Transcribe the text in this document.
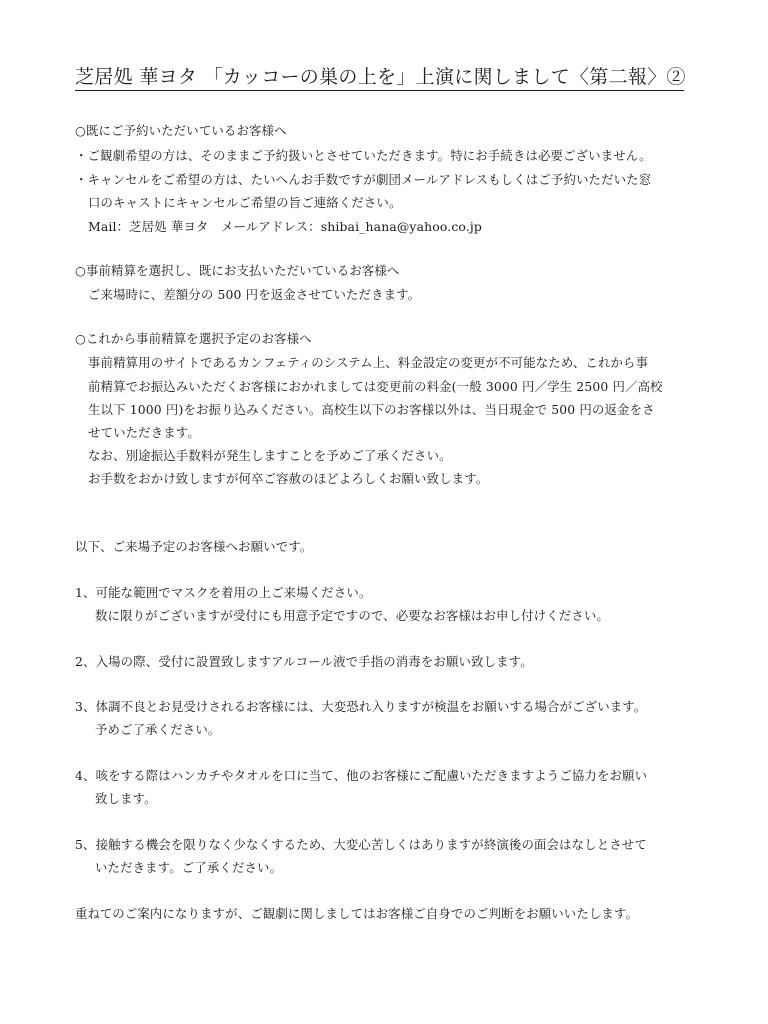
芝居処 華ヨタ 「カッコーの巣の上を」上演に関しまして〈第二報〉②
○既にご予約いただいているお客様へ
・ご観劇希望の方は、そのままご予約扱いとさせていただきます。特にお手続きは必要ございません。
・キャンセルをご希望の方は、たいへんお手数ですが劇団メールアドレスもしくはご予約いただいた窓
口のキャストにキャンセルご希望の旨ご連絡ください。
Mail：芝居処 華ヨタ　メールアドレス：shibai_hana@yahoo.co.jp
○事前精算を選択し、既にお支払いただいているお客様へ
ご来場時に、差額分の 500 円を返金させていただきます。
○これから事前精算を選択予定のお客様へ
事前精算用のサイトであるカンフェティのシステム上、料金設定の変更が不可能なため、これから事
前精算でお振込みいただくお客様におかれましては変更前の料金(一般 3000 円／学生 2500 円／高校
生以下 1000 円)をお振り込みください。高校生以下のお客様以外は、当日現金で 500 円の返金をさ
せていただきます。
なお、別途振込手数料が発生しますことを予めご了承ください。
お手数をおかけ致しますが何卒ご容赦のほどよろしくお願い致します。
以下、ご来場予定のお客様へお願いです。
1、可能な範囲でマスクを着用の上ご来場ください。
数に限りがございますが受付にも用意予定ですので、必要なお客様はお申し付けください。
2、入場の際、受付に設置致しますアルコール液で手指の消毒をお願い致します。
3、体調不良とお見受けされるお客様には、大変恐れ入りますが検温をお願いする場合がございます。
予めご了承ください。
4、咳をする際はハンカチやタオルを口に当て、他のお客様にご配慮いただきますようご協力をお願い
致します。
5、接触する機会を限りなく少なくするため、大変心苦しくはありますが終演後の面会はなしとさせて
いただきます。ご了承ください。
重ねてのご案内になりますが、ご観劇に関しましてはお客様ご自身でのご判断をお願いいたします。
